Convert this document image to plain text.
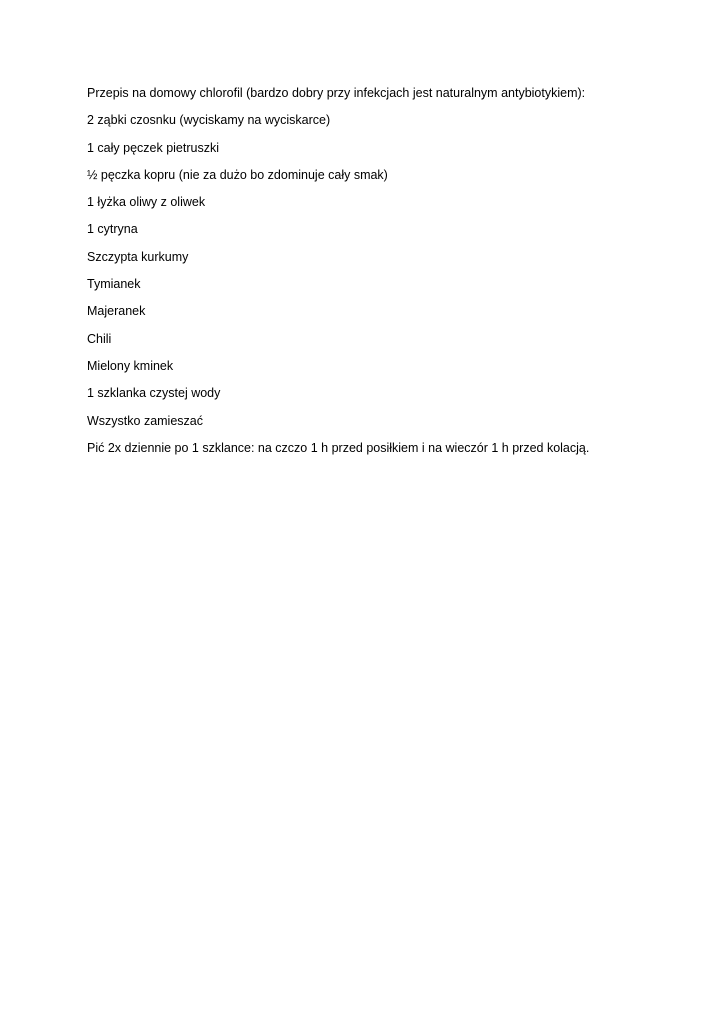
Przepis na domowy chlorofil (bardzo dobry przy infekcjach jest naturalnym antybiotykiem):

2 ząbki czosnku (wyciskamy na wyciskarce)

1 cały pęczek pietruszki

½ pęczka kopru (nie za dużo bo zdominuje cały smak)

1 łyżka oliwy z oliwek

1 cytryna

Szczypta kurkumy

Tymianek

Majeranek

Chili

Mielony kminek

1 szklanka czystej wody

Wszystko zamieszać

Pić 2x dziennie po 1 szklance: na czczo 1 h przed posiłkiem i na wieczór 1 h przed kolacją.
